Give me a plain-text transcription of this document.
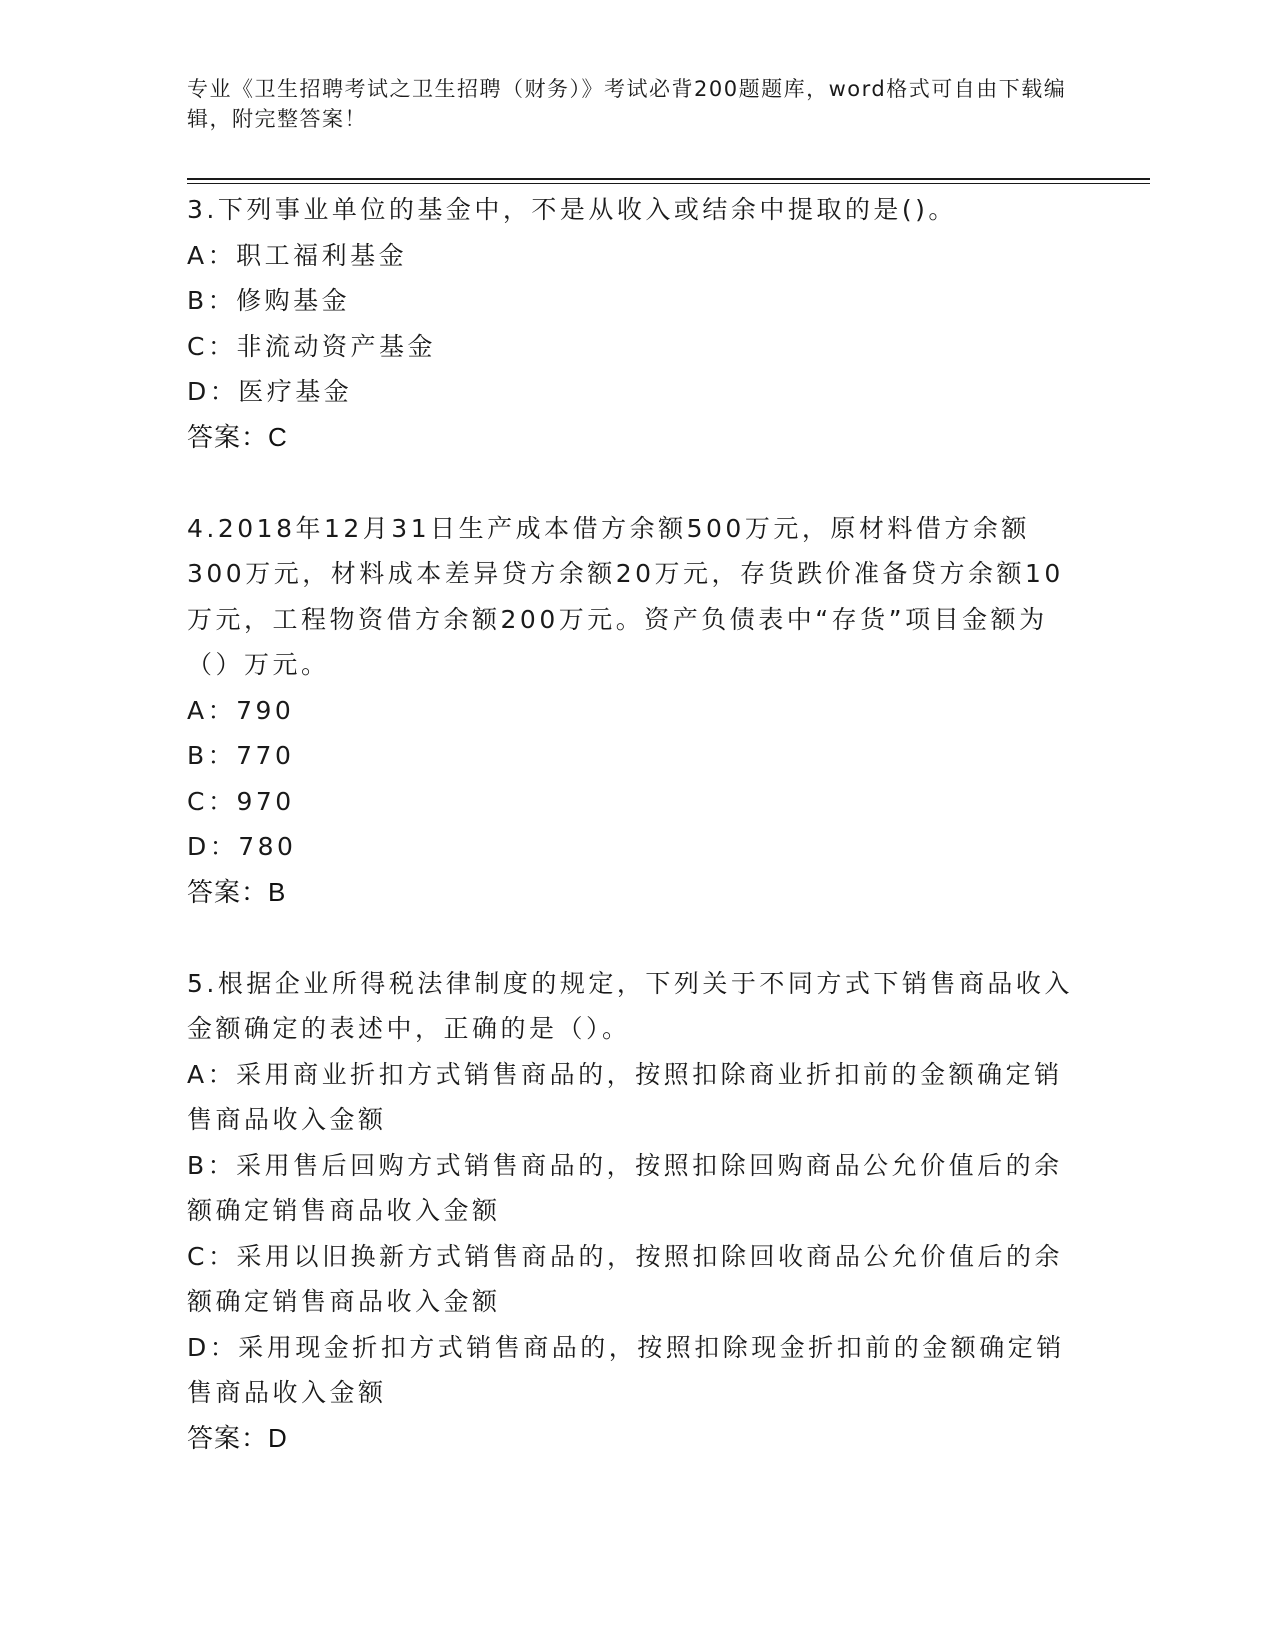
专业《卫生招聘考试之卫生招聘（财务）》考试必背200题题库，word格式可自由下载编辑，附完整答案！
3.下列事业单位的基金中，不是从收入或结余中提取的是()。
A：职工福利基金
B：修购基金
C：非流动资产基金
D：医疗基金
答案：C
4.2018年12月31日生产成本借方余额500万元，原材料借方余额300万元，材料成本差异贷方余额20万元，存货跌价准备贷方余额10万元，工程物资借方余额200万元。资产负债表中“存货”项目金额为（）万元。
A：790
B：770
C：970
D：780
答案：B
5.根据企业所得税法律制度的规定，下列关于不同方式下销售商品收入金额确定的表述中，正确的是（）。
A：采用商业折扣方式销售商品的，按照扣除商业折扣前的金额确定销售商品收入金额
B：采用售后回购方式销售商品的，按照扣除回购商品公允价值后的余额确定销售商品收入金额
C：采用以旧换新方式销售商品的，按照扣除回收商品公允价值后的余额确定销售商品收入金额
D：采用现金折扣方式销售商品的，按照扣除现金折扣前的金额确定销售商品收入金额
答案：D
